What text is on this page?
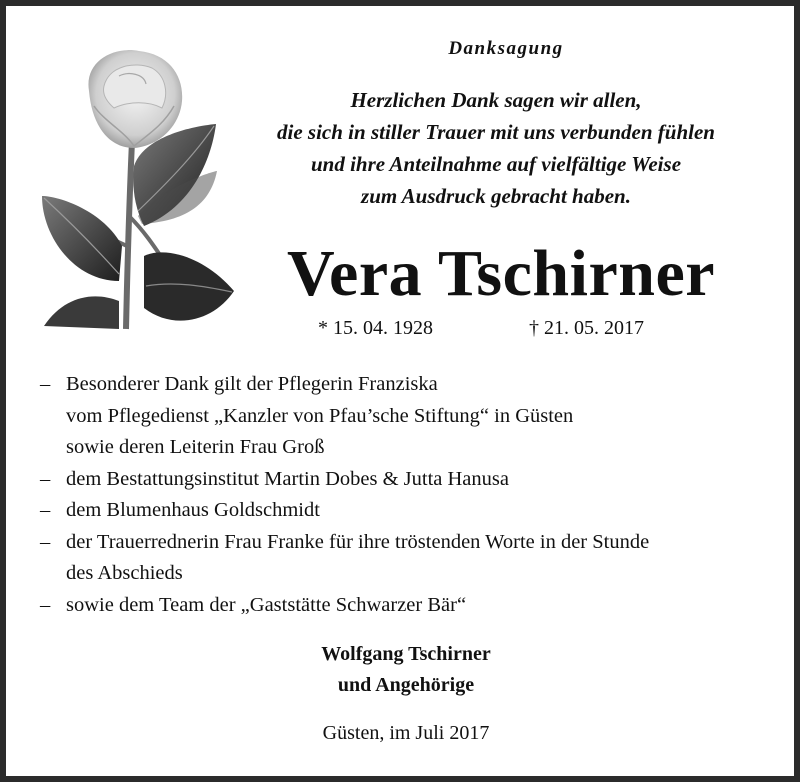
Danksagung
Herzlichen Dank sagen wir allen,
die sich in stiller Trauer mit uns verbunden fühlen
und ihre Anteilnahme auf vielfältige Weise
zum Ausdruck gebracht haben.
Vera Tschirner
* 15. 04. 1928	† 21. 05. 2017
– Besonderer Dank gilt der Pflegerin Franziska
vom Pflegedienst „Kanzler von Pfau’sche Stiftung“ in Güsten
sowie deren Leiterin Frau Groß
– dem Bestattungsinstitut Martin Dobes & Jutta Hanusa
– dem Blumenhaus Goldschmidt
– der Trauerrednerin Frau Franke für ihre tröstenden Worte in der Stunde
des Abschieds
– sowie dem Team der „Gaststätte Schwarzer Bär“
Wolfgang Tschirner
und Angehörige
Güsten, im Juli 2017
